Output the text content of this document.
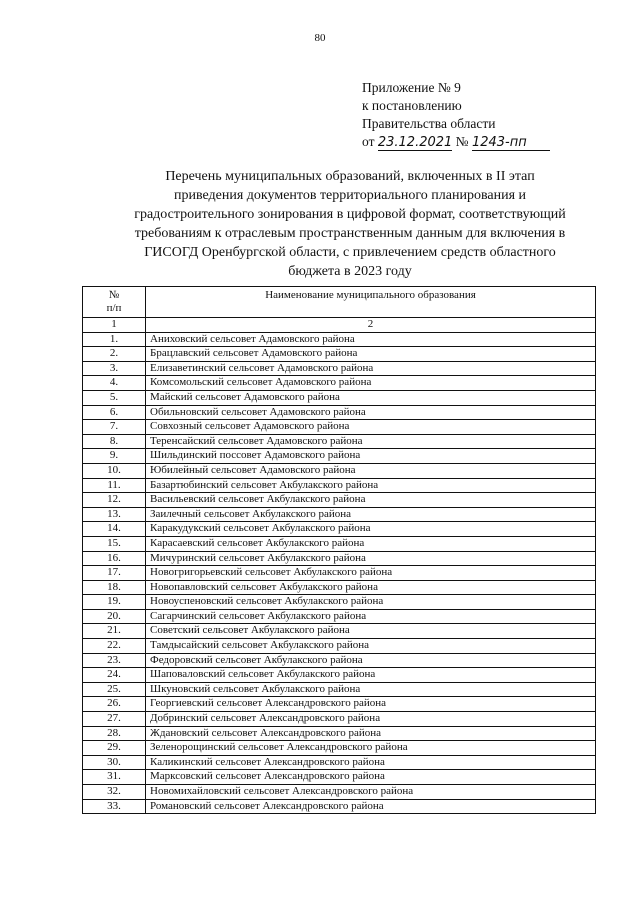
80
Приложение № 9
к постановлению
Правительства области
от 23.12.2021 № 1243-пп
Перечень муниципальных образований, включенных в II этап приведения документов территориального планирования и градостроительного зонирования в цифровой формат, соответствующий требованиям к отраслевым пространственным данным для включения в ГИСОГД Оренбургской области, с привлечением средств областного бюджета в 2023 году
№
п/п	Наименование муниципального образования
1	2
1.	Аниховский сельсовет Адамовского района
2.	Брацлавский сельсовет Адамовского района
3.	Елизаветинский сельсовет Адамовского района
4.	Комсомольский сельсовет Адамовского района
5.	Майский сельсовет Адамовского района
6.	Обильновский сельсовет Адамовского района
7.	Совхозный сельсовет Адамовского района
8.	Теренсайский сельсовет Адамовского района
9.	Шильдинский поссовет Адамовского района
10.	Юбилейный сельсовет Адамовского района
11.	Базартюбинский сельсовет Акбулакского района
12.	Васильевский сельсовет Акбулакского района
13.	Заилечный сельсовет Акбулакского района
14.	Каракудукский сельсовет Акбулакского района
15.	Карасаевский сельсовет Акбулакского района
16.	Мичуринский сельсовет Акбулакского района
17.	Новогригорьевский сельсовет Акбулакского района
18.	Новопавловский сельсовет Акбулакского района
19.	Новоуспеновский сельсовет Акбулакского района
20.	Сагарчинский сельсовет Акбулакского района
21.	Советский сельсовет Акбулакского района
22.	Тамдысайский сельсовет Акбулакского района
23.	Федоровский сельсовет Акбулакского района
24.	Шаповаловский сельсовет Акбулакского района
25.	Шкуновский сельсовет Акбулакского района
26.	Георгиевский сельсовет Александровского района
27.	Добринский сельсовет Александровского района
28.	Ждановский сельсовет Александровского района
29.	Зеленорощинский сельсовет Александровского района
30.	Каликинский сельсовет Александровского района
31.	Марксовский сельсовет Александровского района
32.	Новомихайловский сельсовет Александровского района
33.	Романовский сельсовет Александровского района
